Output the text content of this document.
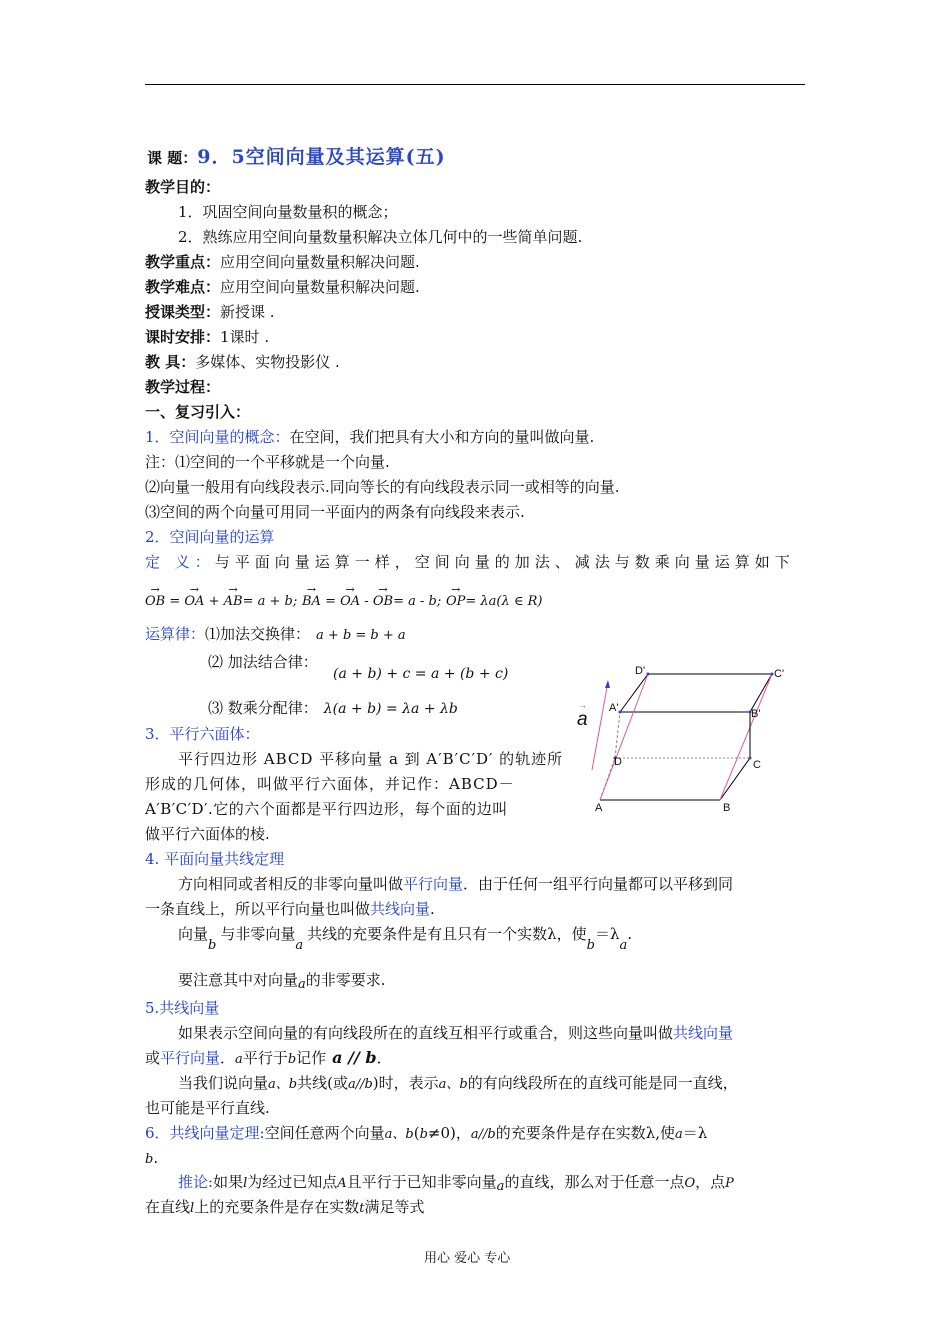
课 题：9．5空间向量及其运算(五)
教学目的：
1．巩固空间向量数量积的概念；
2．熟练应用空间向量数量积解决立体几何中的一些简单问题.
教学重点：应用空间向量数量积解决问题.
教学难点：应用空间向量数量积解决问题.
授课类型：新授课 .
课时安排：1课时 .
教 具：多媒体、实物投影仪 .
教学过程：
一、复习引入：
1．空间向量的概念：在空间，我们把具有大小和方向的量叫做向量.
注：⑴空间的一个平移就是一个向量.
⑵向量一般用有向线段表示.同向等长的有向线段表示同一或相等的向量.
⑶空间的两个向量可用同一平面内的两条有向线段来表示.
2．空间向量的运算
定 义：与平面向量运算一样，空间向量的加法、减法与数乘向量运算如下
→ OB = → OA + → AB= a + b; → BA = → OA - → OB= a - b; → OP= λa(λ ∈ R)
运算律：⑴加法交换律： a + b = b + a
⑵ 加法结合律：
(a + b) + c = a + (b + c)
⑶ 数乘分配律： λ(a + b) = λa + λb
3．平行六面体：
平行四边形 ABCD 平移向量 a 到 A′B′C′D′ 的轨迹所
形成的几何体，叫做平行六面体，并记作：ABCD－
A′B′C′D′.它的六个面都是平行四边形，每个面的边叫
做平行六面体的棱.
→
a
A	B
C
D
A'	B'
C'
D'
4. 平面向量共线定理
方向相同或者相反的非零向量叫做平行向量．由于任何一组平行向量都可以平移到同
一条直线上，所以平行向量也叫做共线向量.
向量b与非零向量a共线的充要条件是有且只有一个实数λ，使b＝λa.
要注意其中对向量a的非零要求.
5.共线向量
如果表示空间向量的有向线段所在的直线互相平行或重合，则这些向量叫做共线向量
或平行向量．a平行于b记作 a // b．
当我们说向量a、b共线(或a//b)时，表示a、b的有向线段所在的直线可能是同一直线，
也可能是平行直线.
6．共线向量定理:空间任意两个向量a、b(b≠0)，a//b的充要条件是存在实数λ,使a＝λ
b.
推论:如果l为经过已知点A且平行于已知非零向量a的直线，那么对于任意一点O，点P
在直线l上的充要条件是存在实数t满足等式
用心 爱心 专心
